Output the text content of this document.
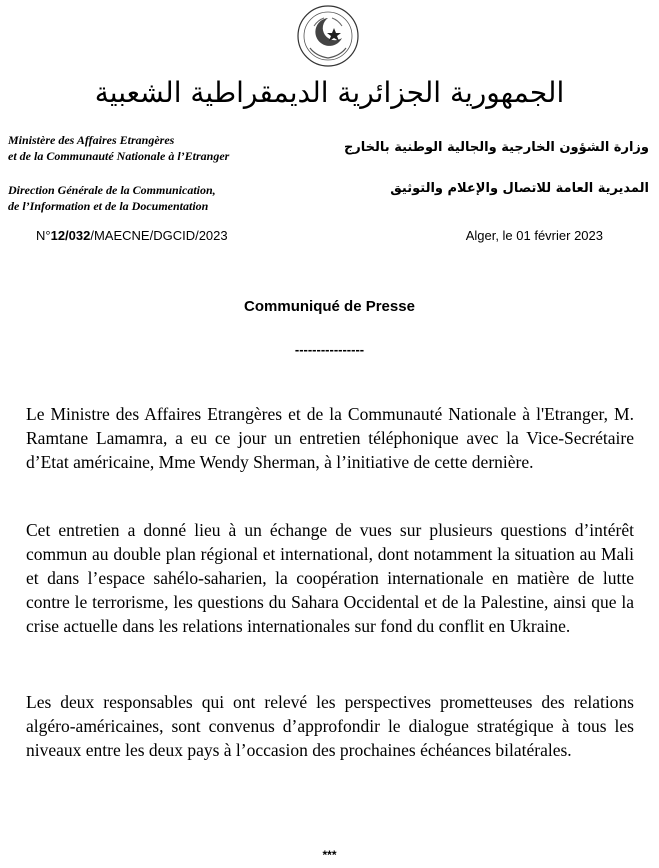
الجمهورية الجزائرية الديمقراطية الشعبية
Ministère des Affaires Etrangères
et de la Communauté Nationale à l’Etranger
Direction Générale de la Communication,
de l’Information et de la Documentation
وزارة الشؤون الخارجية والجالية الوطنية بالخارج
المديرية العامة للاتصال والإعلام والتوثيق
N°12/032/MAECNE/DGCID/2023	Alger, le 01 février 2023
Communiqué de Presse
----------------

Le Ministre des Affaires Etrangères et de la Communauté Nationale à l'Etranger, M. Ramtane Lamamra, a eu ce jour un entretien téléphonique avec la Vice-Secrétaire d’Etat américaine, Mme Wendy Sherman, à l’initiative de cette dernière.

Cet entretien a donné lieu à un échange de vues sur plusieurs questions d’intérêt commun au double plan régional et international, dont notamment la situation au Mali et dans l’espace sahélo-saharien, la coopération internationale en matière de lutte contre le terrorisme, les questions du Sahara Occidental et de la Palestine, ainsi que la crise actuelle dans les relations internationales sur fond du conflit en Ukraine.

Les deux responsables qui ont relevé les perspectives prometteuses des relations algéro-américaines, sont convenus d’approfondir le dialogue stratégique à tous les niveaux entre les deux pays à l’occasion des prochaines échéances bilatérales.

***
